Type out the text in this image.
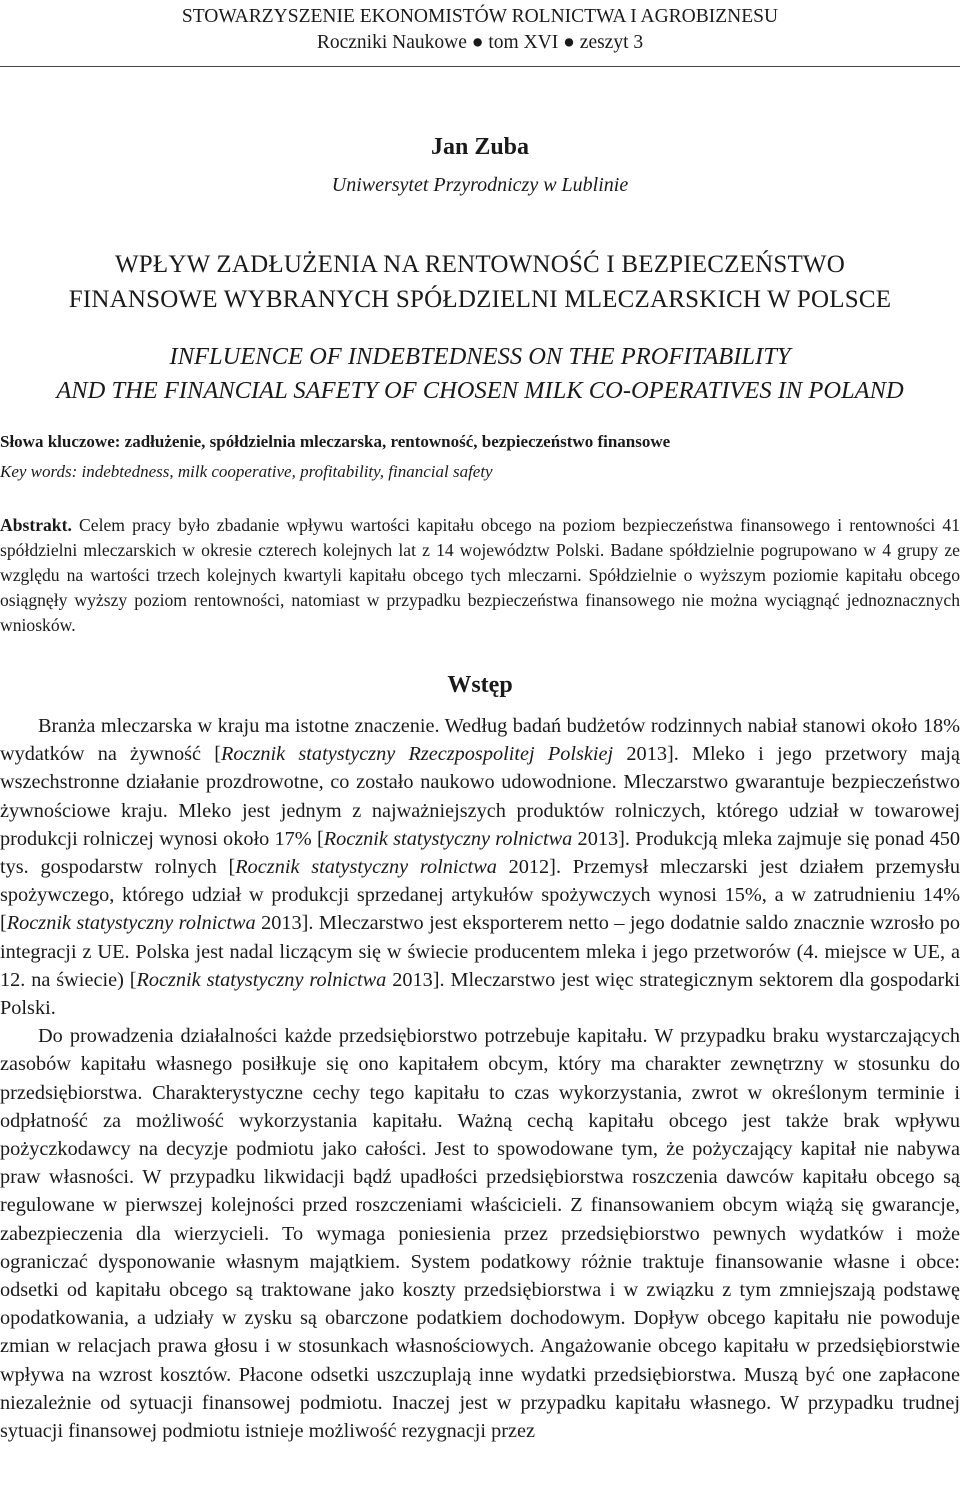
STOWARZYSZENIE EKONOMISTÓW ROLNICTWA I AGROBIZNESU
Roczniki Naukowe ● tom XVI ● zeszyt 3
Jan Zuba
Uniwersytet Przyrodniczy w Lublinie
WPŁYW ZADŁUŻENIA NA RENTOWNOŚĆ I BEZPIECZEŃSTWO
FINANSOWE WYBRANYCH SPÓŁDZIELNI MLECZARSKICH W POLSCE
INFLUENCE OF INDEBTEDNESS ON THE PROFITABILITY
AND THE FINANCIAL SAFETY OF CHOSEN MILK CO-OPERATIVES IN POLAND
Słowa kluczowe: zadłużenie, spółdzielnia mleczarska, rentowność, bezpieczeństwo finansowe
Key words: indebtedness, milk cooperative, profitability, financial safety
Abstrakt. Celem pracy było zbadanie wpływu wartości kapitału obcego na poziom bezpieczeństwa finansowego i rentowności 41 spółdzielni mleczarskich w okresie czterech kolejnych lat z 14 województw Polski. Badane spółdzielnie pogrupowano w 4 grupy ze względu na wartości trzech kolejnych kwartyli kapitału obcego tych mleczarni. Spółdzielnie o wyższym poziomie kapitału obcego osiągnęły wyższy poziom rentowności, natomiast w przypadku bezpieczeństwa finansowego nie można wyciągnąć jednoznacznych wniosków.
Wstęp

Branża mleczarska w kraju ma istotne znaczenie. Według badań budżetów rodzinnych nabiał stanowi około 18% wydatków na żywność [Rocznik statystyczny Rzeczpospolitej Polskiej 2013]. Mleko i jego przetwory mają wszechstronne działanie prozdrowotne, co zostało naukowo udowodnione. Mleczarstwo gwarantuje bezpieczeństwo żywnościowe kraju. Mleko jest jednym z najważniejszych produktów rolniczych, którego udział w towarowej produkcji rolniczej wynosi około 17% [Rocznik statystyczny rolnictwa 2013]. Produkcją mleka zajmuje się ponad 450 tys. gospodarstw rolnych [Rocznik statystyczny rolnictwa 2012]. Przemysł mleczarski jest działem przemysłu spożywczego, którego udział w produkcji sprzedanej artykułów spożywczych wynosi 15%, a w zatrudnieniu 14% [Rocznik statystyczny rolnictwa 2013]. Mleczarstwo jest eksporterem netto – jego dodatnie saldo znacznie wzrosło po integracji z UE. Polska jest nadal liczącym się w świecie producentem mleka i jego przetworów (4. miejsce w UE, a 12. na świecie) [Rocznik statystyczny rolnictwa 2013]. Mleczarstwo jest więc strategicznym sektorem dla gospodarki Polski.

Do prowadzenia działalności każde przedsiębiorstwo potrzebuje kapitału. W przypadku braku wystarczających zasobów kapitału własnego posiłkuje się ono kapitałem obcym, który ma charakter zewnętrzny w stosunku do przedsiębiorstwa. Charakterystyczne cechy tego kapitału to czas wykorzystania, zwrot w określonym terminie i odpłatność za możliwość wykorzystania kapitału. Ważną cechą kapitału obcego jest także brak wpływu pożyczkodawcy na decyzje podmiotu jako całości. Jest to spowodowane tym, że pożyczający kapitał nie nabywa praw własności. W przypadku likwidacji bądź upadłości przedsiębiorstwa roszczenia dawców kapitału obcego są regulowane w pierwszej kolejności przed roszczeniami właścicieli. Z finansowaniem obcym wiążą się gwarancje, zabezpieczenia dla wierzycieli. To wymaga poniesienia przez przedsiębiorstwo pewnych wydatków i może ograniczać dysponowanie własnym majątkiem. System podatkowy różnie traktuje finansowanie własne i obce: odsetki od kapitału obcego są traktowane jako koszty przedsiębiorstwa i w związku z tym zmniejszają podstawę opodatkowania, a udziały w zysku są obarczone podatkiem dochodowym. Dopływ obcego kapitału nie powoduje zmian w relacjach prawa głosu i w stosunkach własnościowych. Angażowanie obcego kapitału w przedsiębiorstwie wpływa na wzrost kosztów. Płacone odsetki uszczuplają inne wydatki przedsiębiorstwa. Muszą być one zapłacone niezależnie od sytuacji finansowej podmiotu. Inaczej jest w przypadku kapitału własnego. W przypadku trudnej sytuacji finansowej podmiotu istnieje możliwość rezygnacji przez
